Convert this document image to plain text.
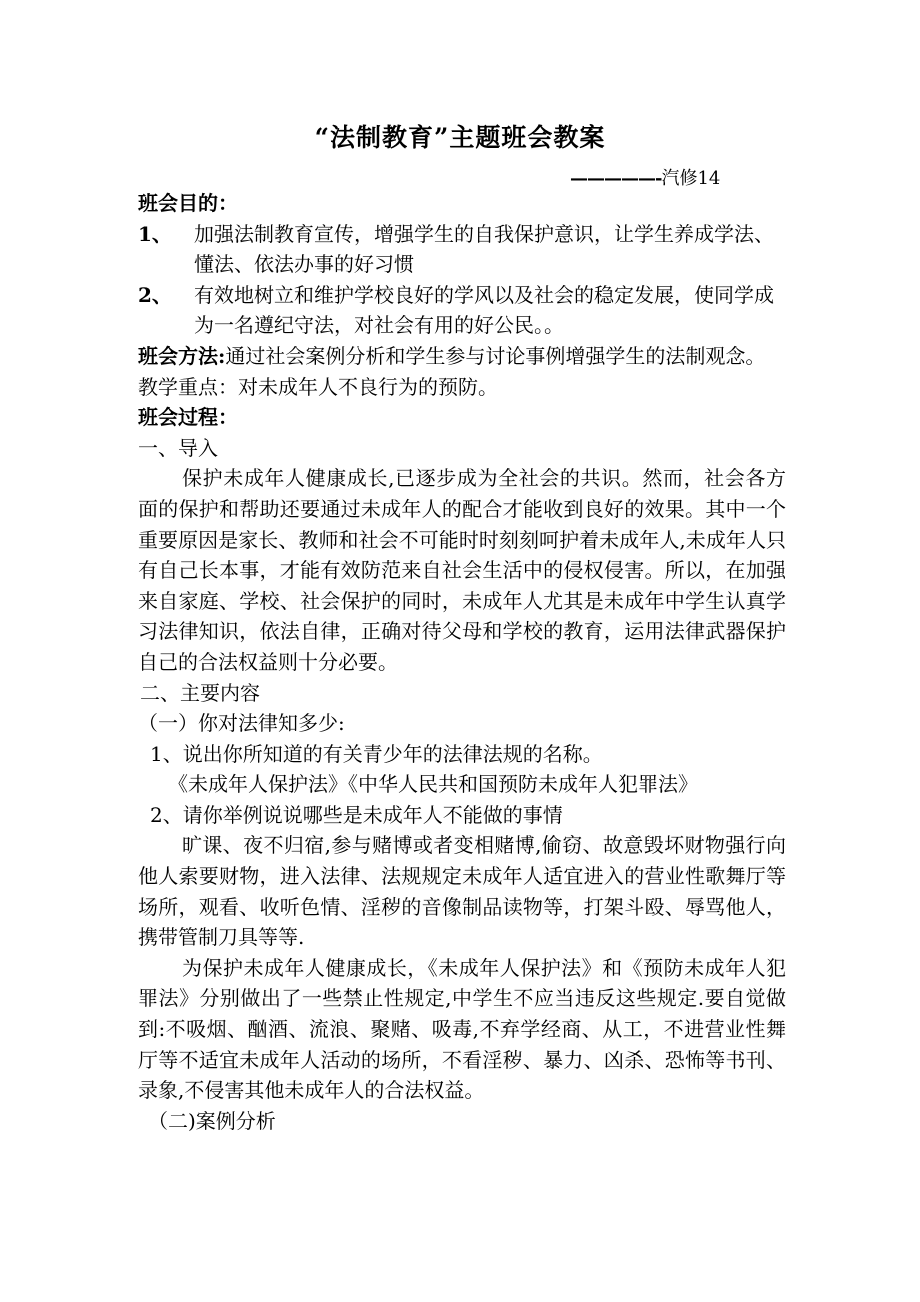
“法制教育”主题班会教案
—————-汽修14

班会目的：

1、 加强法制教育宣传，增强学生的自我保护意识，让学生养成学法、懂法、依法办事的好习惯

2、 有效地树立和维护学校良好的学风以及社会的稳定发展，使同学成为一名遵纪守法，对社会有用的好公民。。

班会方法:通过社会案例分析和学生参与讨论事例增强学生的法制观念。

教学重点：对未成年人不良行为的预防。

班会过程：

一、导入

保护未成年人健康成长,已逐步成为全社会的共识。然而，社会各方面的保护和帮助还要通过未成年人的配合才能收到良好的效果。其中一个重要原因是家长、教师和社会不可能时时刻刻呵护着未成年人,未成年人只有自己长本事，才能有效防范来自社会生活中的侵权侵害。所以，在加强来自家庭、学校、社会保护的同时，未成年人尤其是未成年中学生认真学习法律知识，依法自律，正确对待父母和学校的教育，运用法律武器保护自己的合法权益则十分必要。

二、主要内容

（一）你对法律知多少:

1、说出你所知道的有关青少年的法律法规的名称。

《未成年人保护法》《中华人民共和国预防未成年人犯罪法》

2、请你举例说说哪些是未成年人不能做的事情

旷课、夜不归宿,参与赌博或者变相赌博,偷窃、故意毁坏财物强行向他人索要财物，进入法律、法规规定未成年人适宜进入的营业性歌舞厅等场所，观看、收听色情、淫秽的音像制品读物等，打架斗殴、辱骂他人，携带管制刀具等等.

为保护未成年人健康成长，《未成年人保护法》和《预防未成年人犯罪法》分别做出了一些禁止性规定,中学生不应当违反这些规定.要自觉做到:不吸烟、酗酒、流浪、聚赌、吸毒,不弃学经商、从工，不进营业性舞厅等不适宜未成年人活动的场所，不看淫秽、暴力、凶杀、恐怖等书刊、录象,不侵害其他未成年人的合法权益。

（二)案例分析
